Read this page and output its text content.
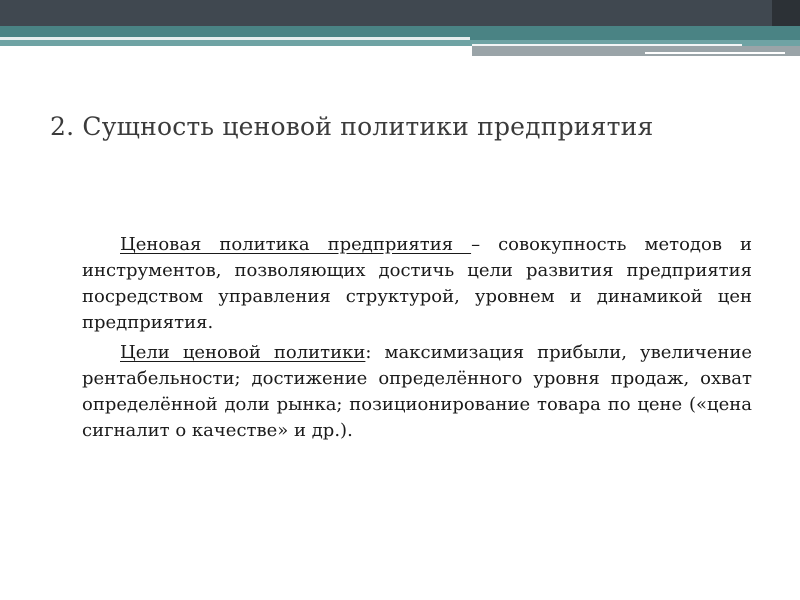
2. Сущность ценовой политики предприятия

Ценовая политика предприятия – совокупность методов и инструментов, позволяющих достичь цели развития предприятия посредством управления структурой, уровнем и динамикой цен предприятия.

Цели ценовой политики: максимизация прибыли, увеличение рентабельности; достижение определённого уровня продаж, охват определённой доли рынка; позиционирование товара по цене («цена сигналит о качестве» и др.).
